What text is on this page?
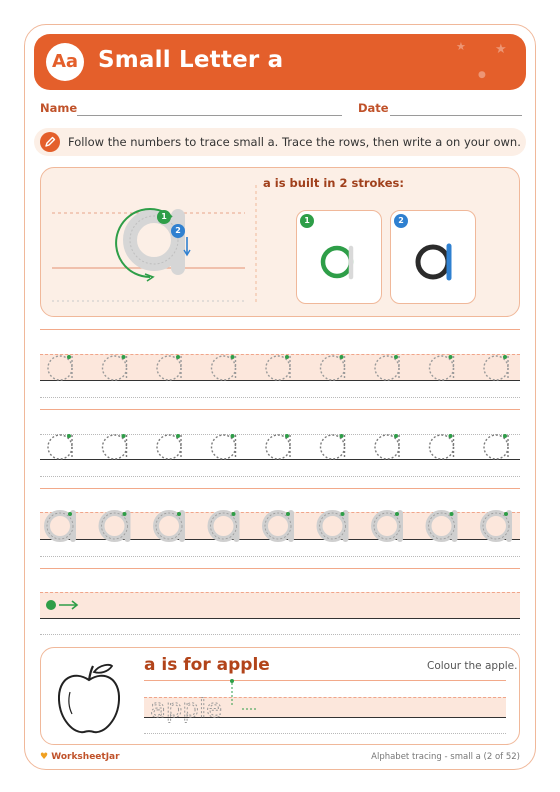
Aa Small Letter a
★ ★
●
Name	Date
Follow the numbers to trace small a. Trace the rows, then write a on your own.
1
2
a is built in 2 strokes:
1	2
a is for apple	Colour the apple.
apple
♥ WorksheetJar	Alphabet tracing - small a (2 of 52)
